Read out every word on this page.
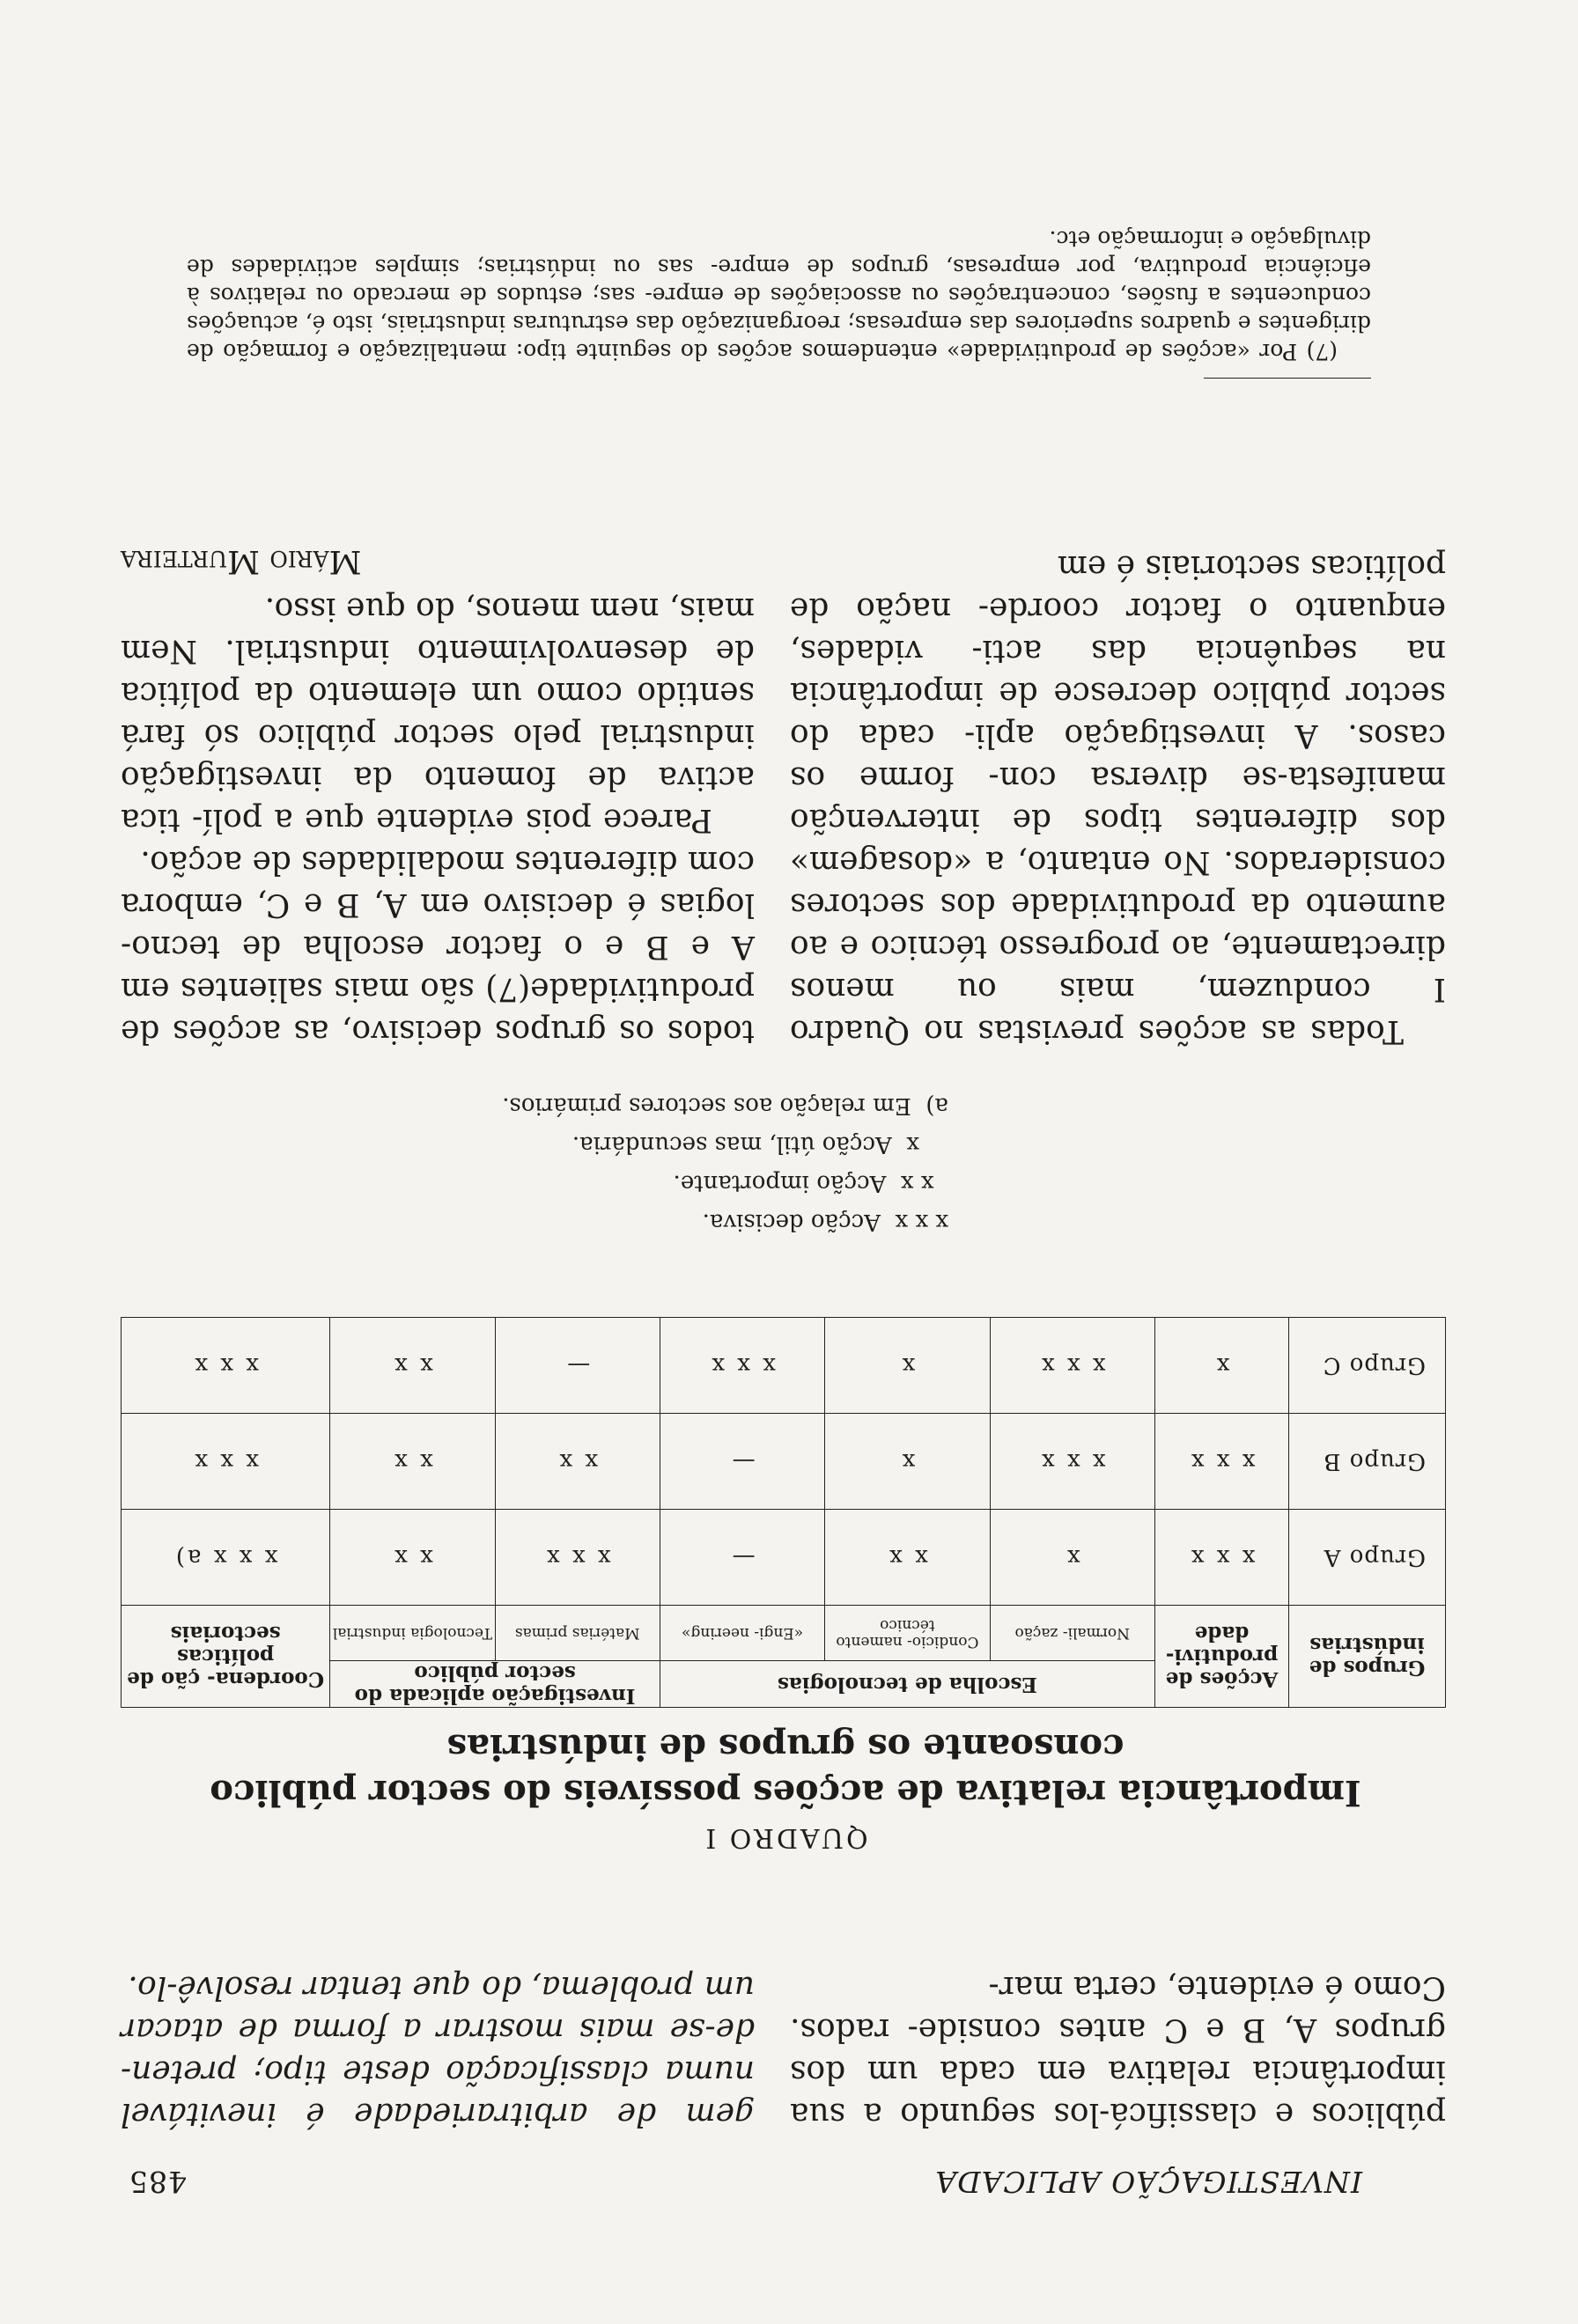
INVESTIGAÇÃO APLICADA
485

públicos e classificá-los segundo a sua importância relativa em cada um dos grupos A, B e C antes conside- rados. Como é evidente, certa mar-

gem de arbitrariedade é inevitável numa classificação deste tipo; preten- de-se mais mostrar a forma de atacar um problema, do que tentar resolvê-lo.

QUADRO I
Importância relativa de acções possíveis do sector público
consoante os grupos de indústrias
Grupos de indústrias	Acções de produtivi- dade	Escolha de tecnologias			Investigação aplicada do sector público		Coordena- ção de políticas sectoriais
		Normali- zação	Condicio- namento técnico	«Engi- neering»	Matérias primas	Tecnologia industrial	
Grupo A	x x x	x	x x	—	x x x	x x	x x x a)
Grupo B	x x x	x x x	x	—	x x	x x	x x x
Grupo C	x	x x x	x	x x x	—	x x	x x x
x x x  Acção decisiva.
x x  Acção importante.
x  Acção útil, mas secundária.
a)  Em relação aos sectores primários.

Todas as acções previstas no Quadro I conduzem, mais ou menos directamente, ao progresso técnico e ao aumento da produtividade dos sectores considerados. No entanto, a «dosagem» dos diferentes tipos de intervenção manifesta-se diversa con- forme os casos. A investigação apli- cada do sector público decresce de importância na sequência das acti- vidades, enquanto o factor coorde- nação de políticas sectoriais é em

todos os grupos decisivo, as acções de produtividade(7) são mais salientes em A e B e o factor escolha de tecno- logias é decisivo em A, B e C, embora com diferentes modalidades de acção.

Parece pois evidente que a polí- tica activa de fomento da investigação industrial pelo sector público só fará sentido como um elemento da política de desenvolvimento industrial. Nem mais, nem menos, do que isso.

Mário Murteira

(7) Por «acções de produtividade» entendemos acções do seguinte tipo: mentalização e formação de dirigentes e quadros superiores das empresas; reorganização das estruturas industriais, isto é, actuações conducentes a fusões, concentrações ou associações de empre- sas; estudos de mercado ou relativos à eficiência produtiva, por empresas, grupos de empre- sas ou indústrias; simples actividades de divulgação e informação etc.
